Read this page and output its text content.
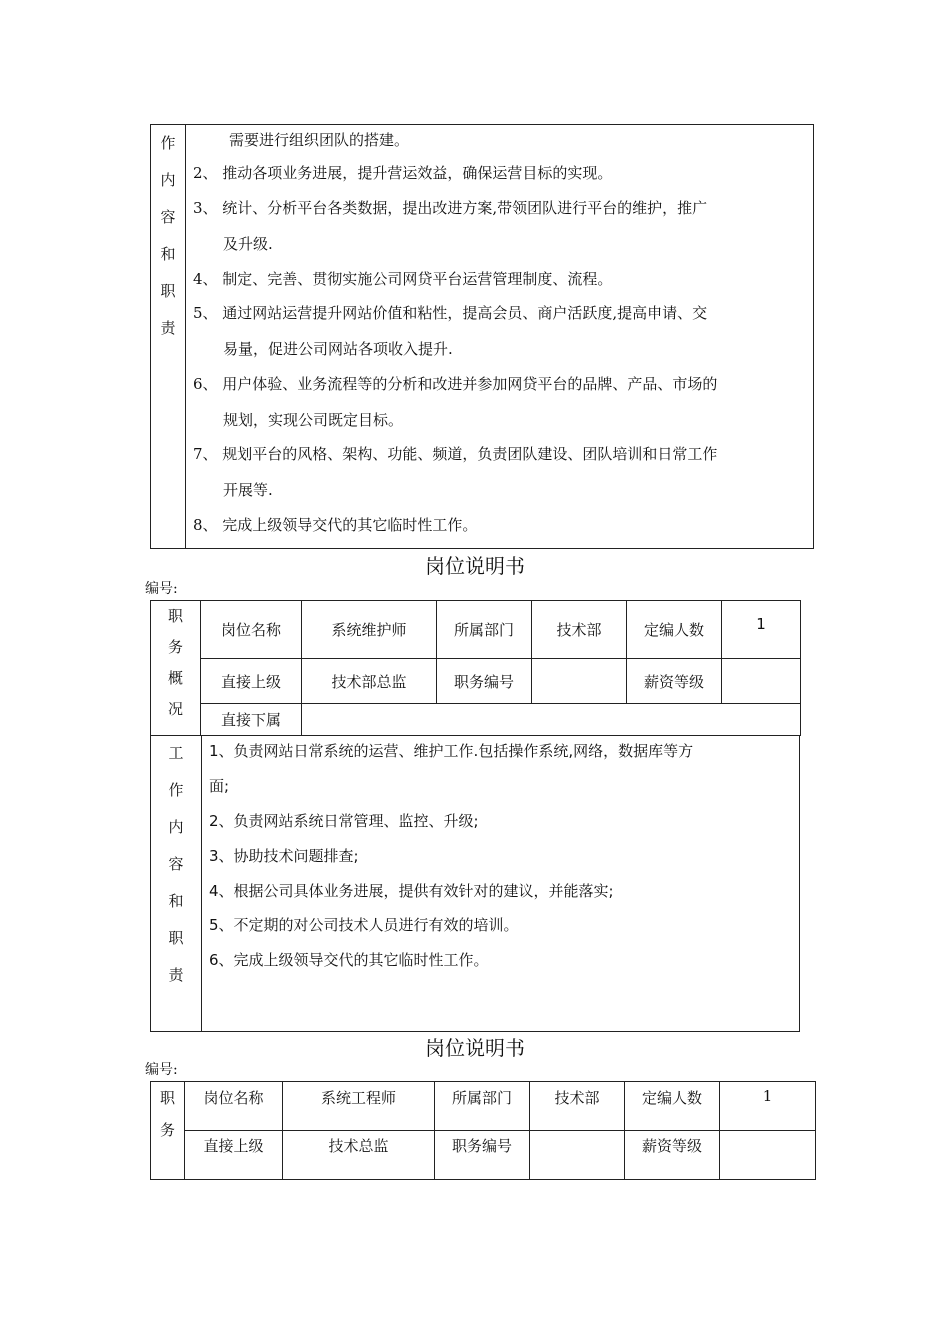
作
内
容
和
职
责
需要进行组织团队的搭建。
2、 推动各项业务进展，提升营运效益，确保运营目标的实现。
3、 统计、分析平台各类数据，提出改进方案,带领团队进行平台的维护，推广
及升级.
4、 制定、完善、贯彻实施公司网贷平台运营管理制度、流程。
5、 通过网站运营提升网站价值和粘性，提高会员、商户活跃度,提高申请、交
易量，促进公司网站各项收入提升.
6、 用户体验、业务流程等的分析和改进并参加网贷平台的品牌、产品、市场的
规划，实现公司既定目标。
7、 规划平台的风格、架构、功能、频道，负责团队建设、团队培训和日常工作
开展等.
8、 完成上级领导交代的其它临时性工作。
岗位说明书
编号:
职
务
概
况	岗位名称	系统维护师	所属部门	技术部	定编人数	1
	直接上级	技术部总监	职务编号		薪资等级	
	直接下属					
工
作
内
容
和
职
责
1、负责网站日常系统的运营、维护工作.包括操作系统,网络，数据库等方
面;
2、负责网站系统日常管理、监控、升级;
3、协助技术问题排查;
4、根据公司具体业务进展，提供有效针对的建议，并能落实;
5、不定期的对公司技术人员进行有效的培训。
6、完成上级领导交代的其它临时性工作。
岗位说明书
编号:
职
务	岗位名称	系统工程师	所属部门	技术部	定编人数	1
	直接上级	技术总监	职务编号		薪资等级	
